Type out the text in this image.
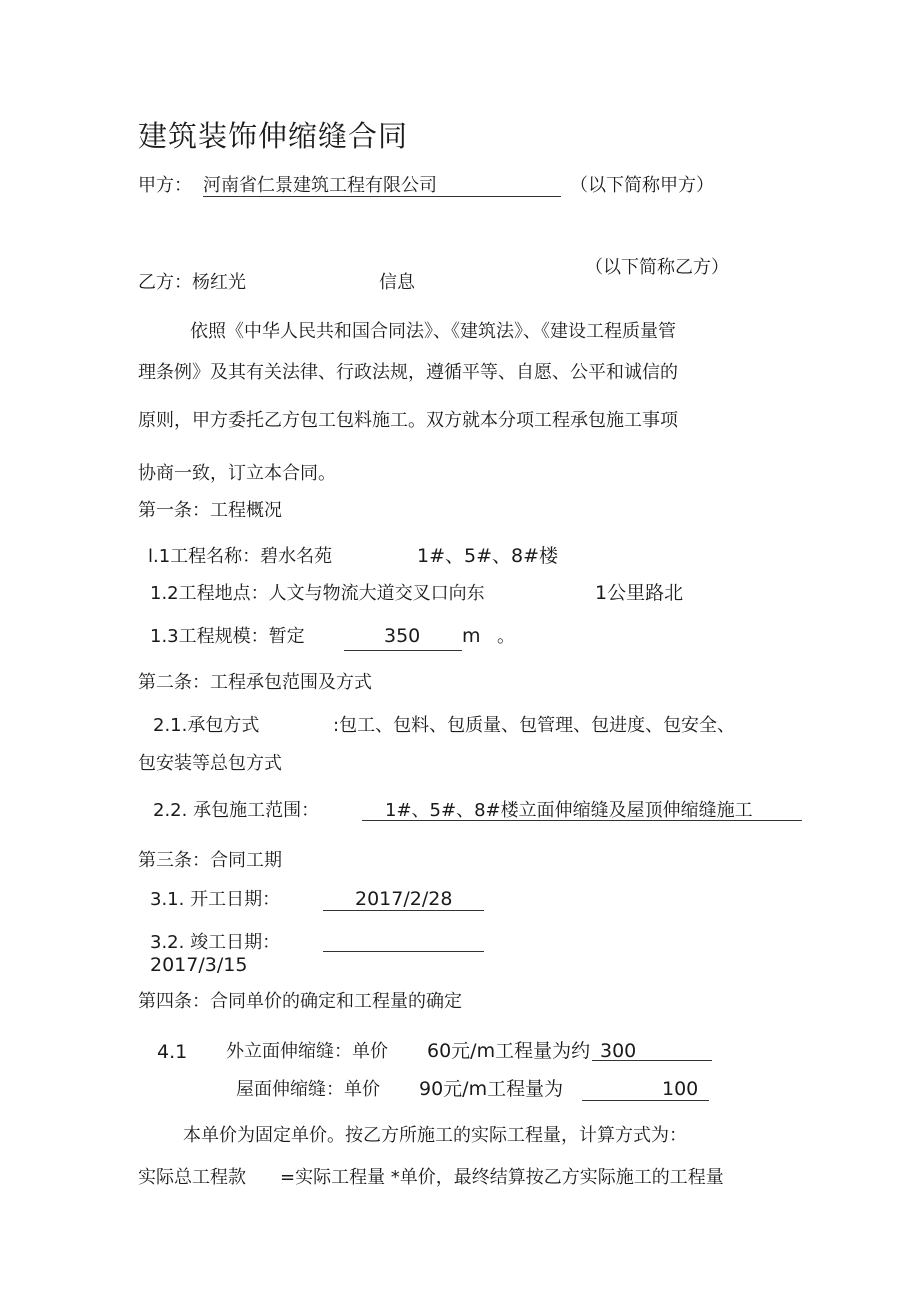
建筑装饰伸缩缝合同
甲方： 河南省仁景建筑工程有限公司	（以下简称甲方）
（以下简称乙方）
乙方：杨红光	信息
依照《中华人民共和国合同法》、《建筑法》、《建设工程质量管
理条例》及其有关法律、行政法规，遵循平等、自愿、公平和诚信的
原则，甲方委托乙方包工包料施工。双方就本分项工程承包施工事项
协商一致，订立本合同。
第一条：工程概况
l.1工程名称：碧水名苑	1#、5#、8#楼
1.2工程地点：人文与物流大道交叉口向东	1公里路北
1.3工程规模：暂定	350 m 。
第二条：工程承包范围及方式
2.1.承包方式	:包工、包料、包质量、包管理、包进度、包安全、
包安装等总包方式
2.2. 承包施工范围：	1#、5#、8#楼立面伸缩缝及屋顶伸缩缝施工
第三条：合同工期
3.1. 开工日期：	2017/2/28
3.2. 竣工日期：
2017/3/15
第四条：合同单价的确定和工程量的确定
4.1 外立面伸缩缝：单价 60元/m工程量为约 300
屋面伸缩缝：单价 90元/m工程量为	100
本单价为固定单价。按乙方所施工的实际工程量，计算方式为：
实际总工程款 =实际工程量 *单价，最终结算按乙方实际施工的工程量
